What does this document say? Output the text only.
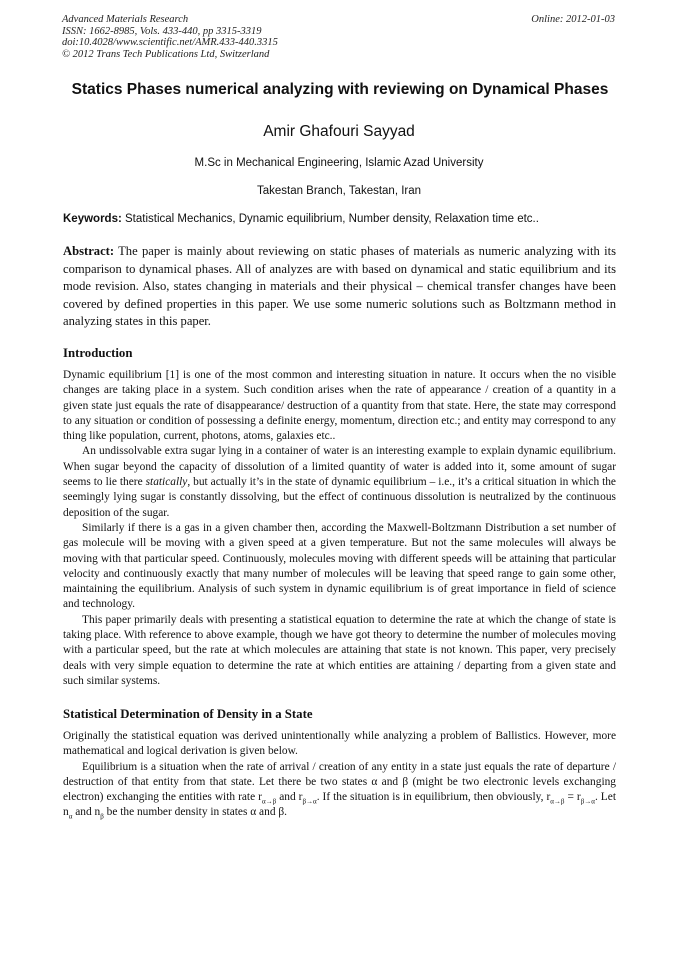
Advanced Materials Research
ISSN: 1662-8985, Vols. 433-440, pp 3315-3319
doi:10.4028/www.scientific.net/AMR.433-440.3315
© 2012 Trans Tech Publications Ltd, Switzerland
Online: 2012-01-03
Statics Phases numerical analyzing with reviewing on Dynamical Phases
Amir Ghafouri Sayyad
M.Sc in Mechanical Engineering, Islamic Azad University
Takestan Branch, Takestan, Iran
Keywords: Statistical Mechanics, Dynamic equilibrium, Number density, Relaxation time etc..
Abstract: The paper is mainly about reviewing on static phases of materials as numeric analyzing with its comparison to dynamical phases. All of analyzes are with based on dynamical and static equilibrium and its mode revision. Also, states changing in materials and their physical – chemical transfer changes have been covered by defined properties in this paper. We use some numeric solutions such as Boltzmann method in analyzing states in this paper.
Introduction

Dynamic equilibrium [1] is one of the most common and interesting situation in nature. It occurs when the no visible changes are taking place in a system. Such condition arises when the rate of appearance / creation of a quantity in a given state just equals the rate of disappearance/ destruction of a quantity from that state. Here, the state may correspond to any situation or condition of possessing a definite energy, momentum, direction etc.; and entity may correspond to any thing like population, current, photons, atoms, galaxies etc..

An undissolvable extra sugar lying in a container of water is an interesting example to explain dynamic equilibrium. When sugar beyond the capacity of dissolution of a limited quantity of water is added into it, some amount of sugar seems to lie there statically, but actually it’s in the state of dynamic equilibrium – i.e., it’s a critical situation in which the seemingly lying sugar is constantly dissolving, but the effect of continuous dissolution is neutralized by the continuous deposition of the sugar.

Similarly if there is a gas in a given chamber then, according the Maxwell-Boltzmann Distribution a set number of gas molecule will be moving with a given speed at a given temperature. But not the same molecules will always be moving with that particular speed. Continuously, molecules moving with different speeds will be attaining that particular velocity and continuously exactly that many number of molecules will be leaving that speed range to gain some other, maintaining the equilibrium. Analysis of such system in dynamic equilibrium is of great importance in field of science and technology.

This paper primarily deals with presenting a statistical equation to determine the rate at which the change of state is taking place. With reference to above example, though we have got theory to determine the number of molecules moving with a particular speed, but the rate at which molecules are attaining that state is not known. This paper, very precisely deals with very simple equation to determine the rate at which entities are attaining / departing from a given state and such similar systems.

Statistical Determination of Density in a State

Originally the statistical equation was derived unintentionally while analyzing a problem of Ballistics. However, more mathematical and logical derivation is given below.

Equilibrium is a situation when the rate of arrival / creation of any entity in a state just equals the rate of departure / destruction of that entity from that state. Let there be two states α and β (might be two electronic levels exchanging electron) exchanging the entities with rate $r_{\alpha\to\beta}$ and $r_{\beta\to\alpha}$. If the situation is in equilibrium, then obviously, $r_{\alpha\to\beta} = r_{\beta\to\alpha}$. Let $n_\alpha$ and $n_\beta$ be the number density in states α and β.
